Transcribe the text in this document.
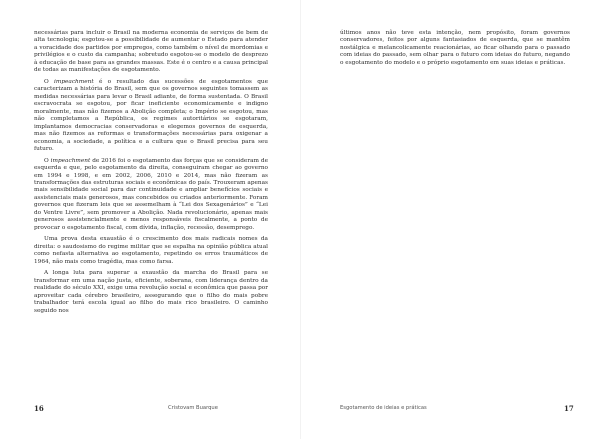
necessárias para incluir o Brasil na moderna economia de serviços de bem de alta tecnologia; esgotou-se a possibilidade de aumentar o Estado para atender a voracidade dos partidos por empregos, como também o nível de mordomias e privilégios e o custo da campanha; sobretudo esgotou-se o modelo de desprezo à educação de base para as grandes massas. Este é o centro e a causa principal de todas as manifestações de esgotamento.

O impeachment é o resultado das sucessões de esgotamentos que caracterizam a história do Brasil, sem que os governos seguintes tomassem as medidas necessárias para levar o Brasil adiante, de forma sustentada. O Brasil escravocrata se esgotou, por ficar ineficiente economicamente e indigno moralmente, mas não fizemos a Abolição completa; o Império se esgotou, mas não completamos a República, os regimes autoritários se esgotaram, implantamos democracias conservadoras e elegemos governos de esquerda, mas não fizemos as reformas e transformações necessárias para oxigenar a economia, a sociedade, a política e a cultura que o Brasil precisa para seu futuro.

O impeachment de 2016 foi o esgotamento das forças que se consideram de esquerda e que, pelo esgotamento da direita, conseguiram chegar ao governo em 1994 e 1998, e em 2002, 2006, 2010 e 2014, mas não fizeram as transformações das estruturas sociais e econômicas do país. Trouxeram apenas mais sensibilidade social para dar continuidade e ampliar benefícios sociais e assistenciais mais generosos, mas concebidos ou criados anteriormente. Foram governos que fizeram leis que se assemelham à “Lei dos Sexagenários” e “Lei do Ventre Livre”, sem promover a Abolição. Nada revolucionário, apenas mais generosos assistencialmente e menos responsáveis fiscalmente, a ponto de provocar o esgotamento fiscal, com dívida, inflação, recessão, desemprego.

Uma prova desta exaustão é o crescimento dos mais radicais nomes da direita: o saudosismo do regime militar que se espalha na opinião pública atual como nefasta alternativa ao esgotamento, repetindo os erros traumáticos de 1964, não mais como tragédia, mas como farsa.

A longa luta para superar a exaustão da marcha do Brasil para se transformar em uma nação justa, eficiente, soberana, com liderança dentro da realidade do século XXI, exige uma revolução social e econômica que passa por aproveitar cada cérebro brasileiro, assegurando que o filho do mais pobre trabalhador terá escola igual ao filho do mais rico brasileiro. O caminho seguido nos

16	Cristovam Buarque

últimos anos não teve esta intenção, nem propósito, foram governos conservadores, feitos por alguns fantasiados de esquerda, que se mantêm nostálgica e melancolicamente reacionárias, ao ficar olhando para o passado com ideias do passado, sem olhar para o futuro com ideias do futuro, negando o esgotamento do modelo e o próprio esgotamento em suas ideias e práticas.

Esgotamento de ideias e práticas	17
